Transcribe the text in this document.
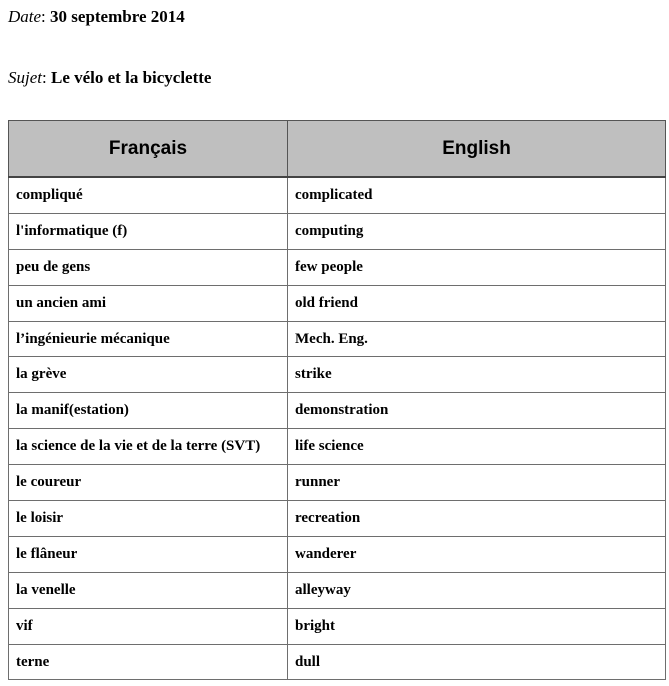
Date: 30 septembre 2014
Sujet: Le vélo et la bicyclette
Français	English
compliqué	complicated
l'informatique (f)	computing
peu de gens	few people
un ancien ami	old friend
l’ingénieurie mécanique	Mech. Eng.
la grève	strike
la manif(estation)	demonstration
la science de la vie et de la terre (SVT)	life science
le coureur	runner
le loisir	recreation
le flâneur	wanderer
la venelle	alleyway
vif	bright
terne	dull
